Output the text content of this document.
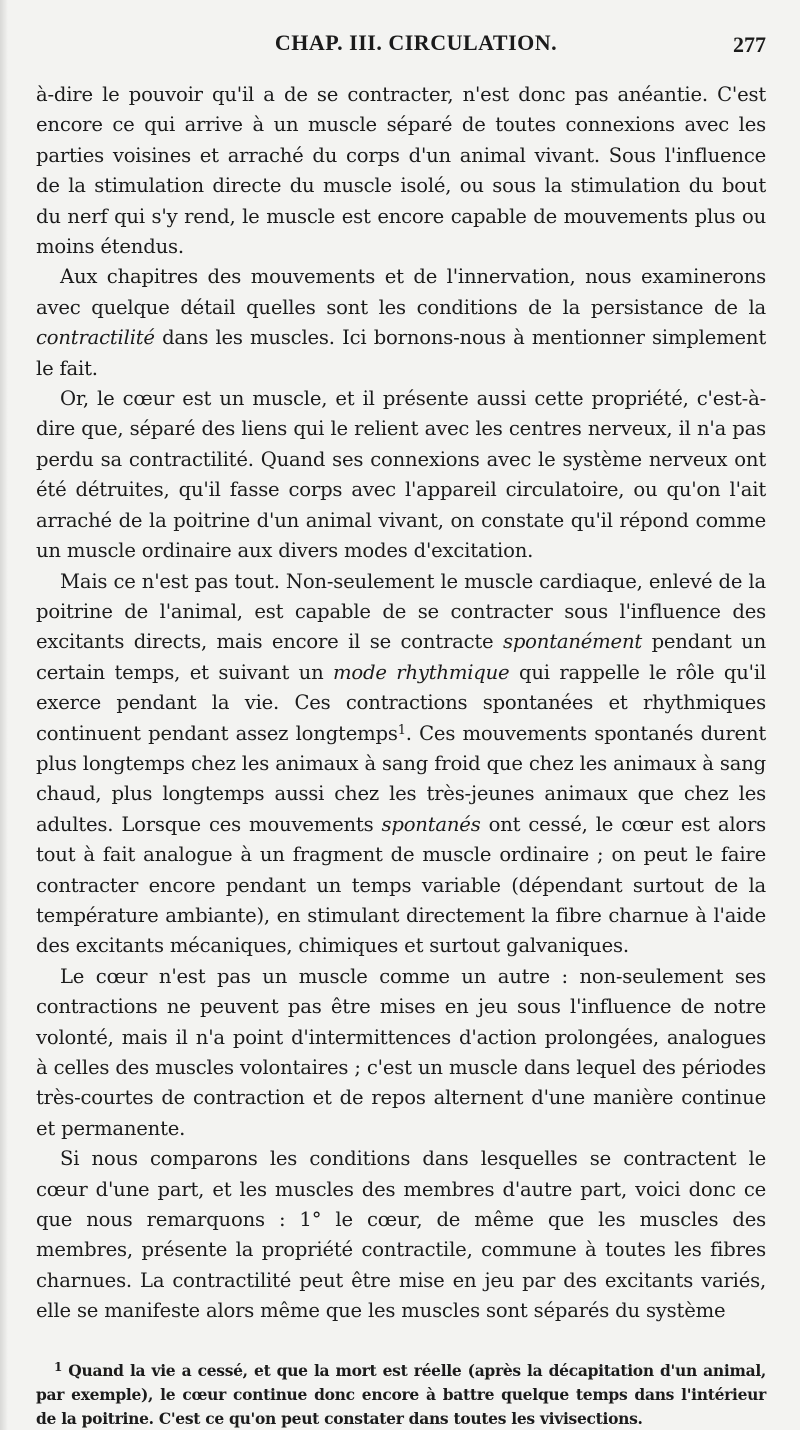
CHAP. III. CIRCULATION.	277

à-dire le pouvoir qu'il a de se contracter, n'est donc pas anéantie. C'est encore ce qui arrive à un muscle séparé de toutes connexions avec les parties voisines et arraché du corps d'un animal vivant. Sous l'influence de la stimulation directe du muscle isolé, ou sous la stimulation du bout du nerf qui s'y rend, le muscle est encore capable de mouvements plus ou moins étendus.

Aux chapitres des mouvements et de l'innervation, nous examinerons avec quelque détail quelles sont les conditions de la persistance de la contractilité dans les muscles. Ici bornons-nous à mentionner simplement le fait.

Or, le cœur est un muscle, et il présente aussi cette propriété, c'est-à-dire que, séparé des liens qui le relient avec les centres nerveux, il n'a pas perdu sa contractilité. Quand ses connexions avec le système nerveux ont été détruites, qu'il fasse corps avec l'appareil circulatoire, ou qu'on l'ait arraché de la poitrine d'un animal vivant, on constate qu'il répond comme un muscle ordinaire aux divers modes d'excitation.

Mais ce n'est pas tout. Non-seulement le muscle cardiaque, enlevé de la poitrine de l'animal, est capable de se contracter sous l'influence des excitants directs, mais encore il se contracte spontanément pendant un certain temps, et suivant un mode rhythmique qui rappelle le rôle qu'il exerce pendant la vie. Ces contractions spontanées et rhythmiques continuent pendant assez longtemps$^1$. Ces mouvements spontanés durent plus longtemps chez les animaux à sang froid que chez les animaux à sang chaud, plus longtemps aussi chez les très-jeunes animaux que chez les adultes. Lorsque ces mouvements spontanés ont cessé, le cœur est alors tout à fait analogue à un fragment de muscle ordinaire ; on peut le faire contracter encore pendant un temps variable (dépendant surtout de la température ambiante), en stimulant directement la fibre charnue à l'aide des excitants mécaniques, chimiques et surtout galvaniques.

Le cœur n'est pas un muscle comme un autre : non-seulement ses contractions ne peuvent pas être mises en jeu sous l'influence de notre volonté, mais il n'a point d'intermittences d'action prolongées, analogues à celles des muscles volontaires ; c'est un muscle dans lequel des périodes très-courtes de contraction et de repos alternent d'une manière continue et permanente.

Si nous comparons les conditions dans lesquelles se contractent le cœur d'une part, et les muscles des membres d'autre part, voici donc ce que nous remarquons : 1° le cœur, de même que les muscles des membres, présente la propriété contractile, commune à toutes les fibres charnues. La contractilité peut être mise en jeu par des excitants variés, elle se manifeste alors même que les muscles sont séparés du système

$^1$ Quand la vie a cessé, et que la mort est réelle (après la décapitation d'un animal, par exemple), le cœur continue donc encore à battre quelque temps dans l'intérieur de la poitrine. C'est ce qu'on peut constater dans toutes les vivisections.
